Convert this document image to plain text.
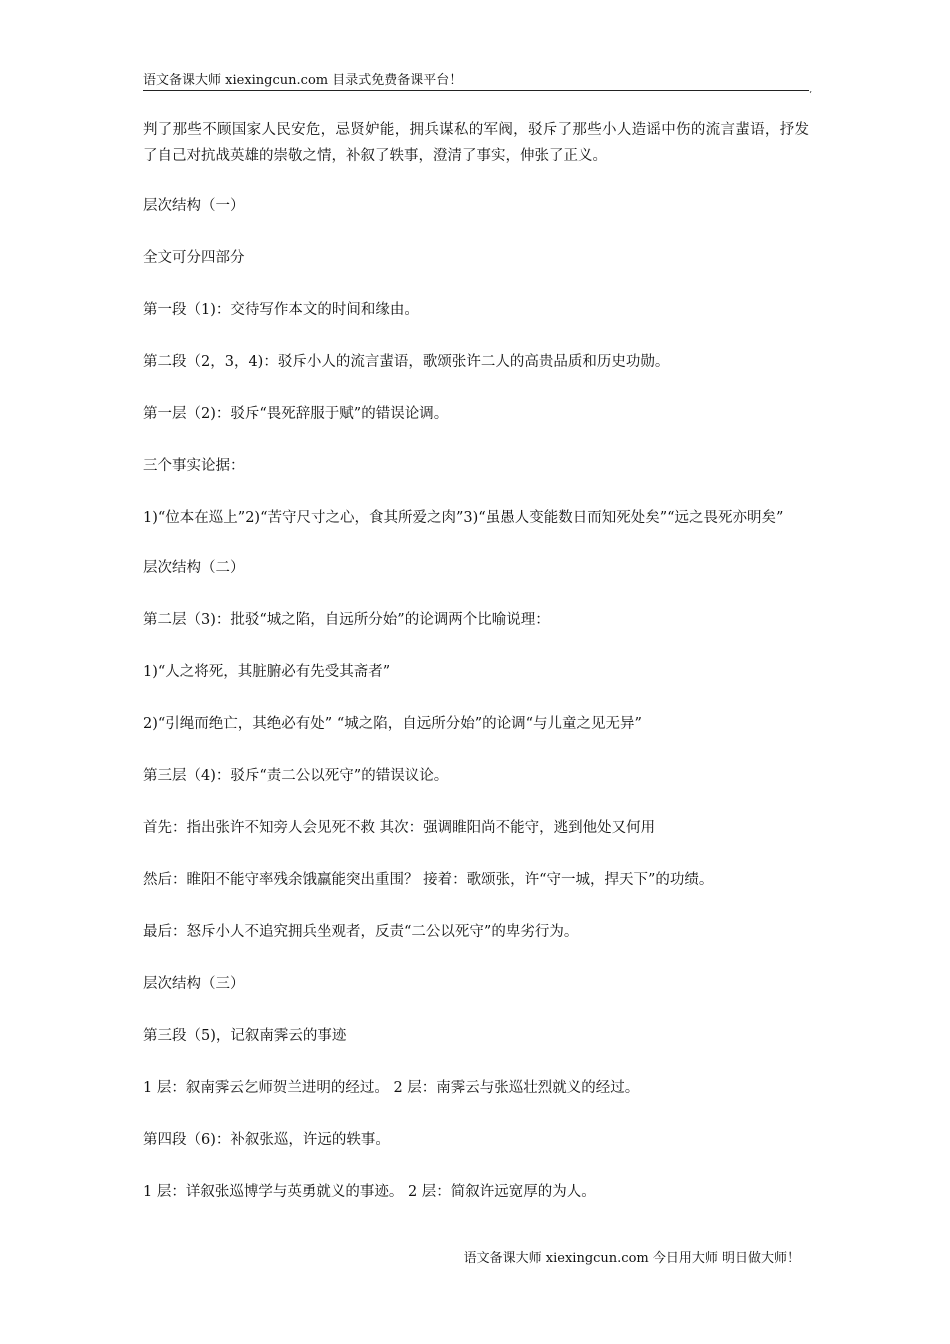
语文备课大师 xiexingcun.com 目录式免费备课平台！
,

判了那些不顾国家人民安危，忌贤妒能，拥兵谋私的军阀，驳斥了那些小人造谣中伤的流言蜚语，抒发了自己对抗战英雄的崇敬之情，补叙了轶事，澄清了事实，伸张了正义。

层次结构（一）

全文可分四部分

第一段（1)：交待写作本文的时间和缘由。

第二段（2，3，4)：驳斥小人的流言蜚语，歌颂张许二人的高贵品质和历史功勋。

第一层（2)：驳斥“畏死辞服于赋”的错误论调。

三个事实论据：

1)“位本在巡上”2)“苦守尺寸之心，食其所爱之肉”3)“虽愚人变能数日而知死处矣”“远之畏死亦明矣”

层次结构（二）

第二层（3)：批驳“城之陷，自远所分始”的论调两个比喻说理：

1)“人之将死，其脏腑必有先受其斋者”

2)“引绳而绝亡，其绝必有处” “城之陷，自远所分始”的论调“与儿童之见无异”

第三层（4)：驳斥“责二公以死守”的错误议论。

首先：指出张许不知旁人会见死不救 其次：强调睢阳尚不能守，逃到他处又何用

然后：睢阳不能守率残余饿羸能突出重围？ 接着：歌颂张，许“守一城，捍天下”的功绩。

最后：怒斥小人不追究拥兵坐观者，反责“二公以死守”的卑劣行为。

层次结构（三）

第三段（5)，记叙南霁云的事迹

1 层：叙南霁云乞师贺兰进明的经过。 2 层：南霁云与张巡壮烈就义的经过。

第四段（6)：补叙张巡，许远的轶事。

1 层：详叙张巡博学与英勇就义的事迹。 2 层：简叙许远宽厚的为人。

语文备课大师 xiexingcun.com 今日用大师 明日做大师！
